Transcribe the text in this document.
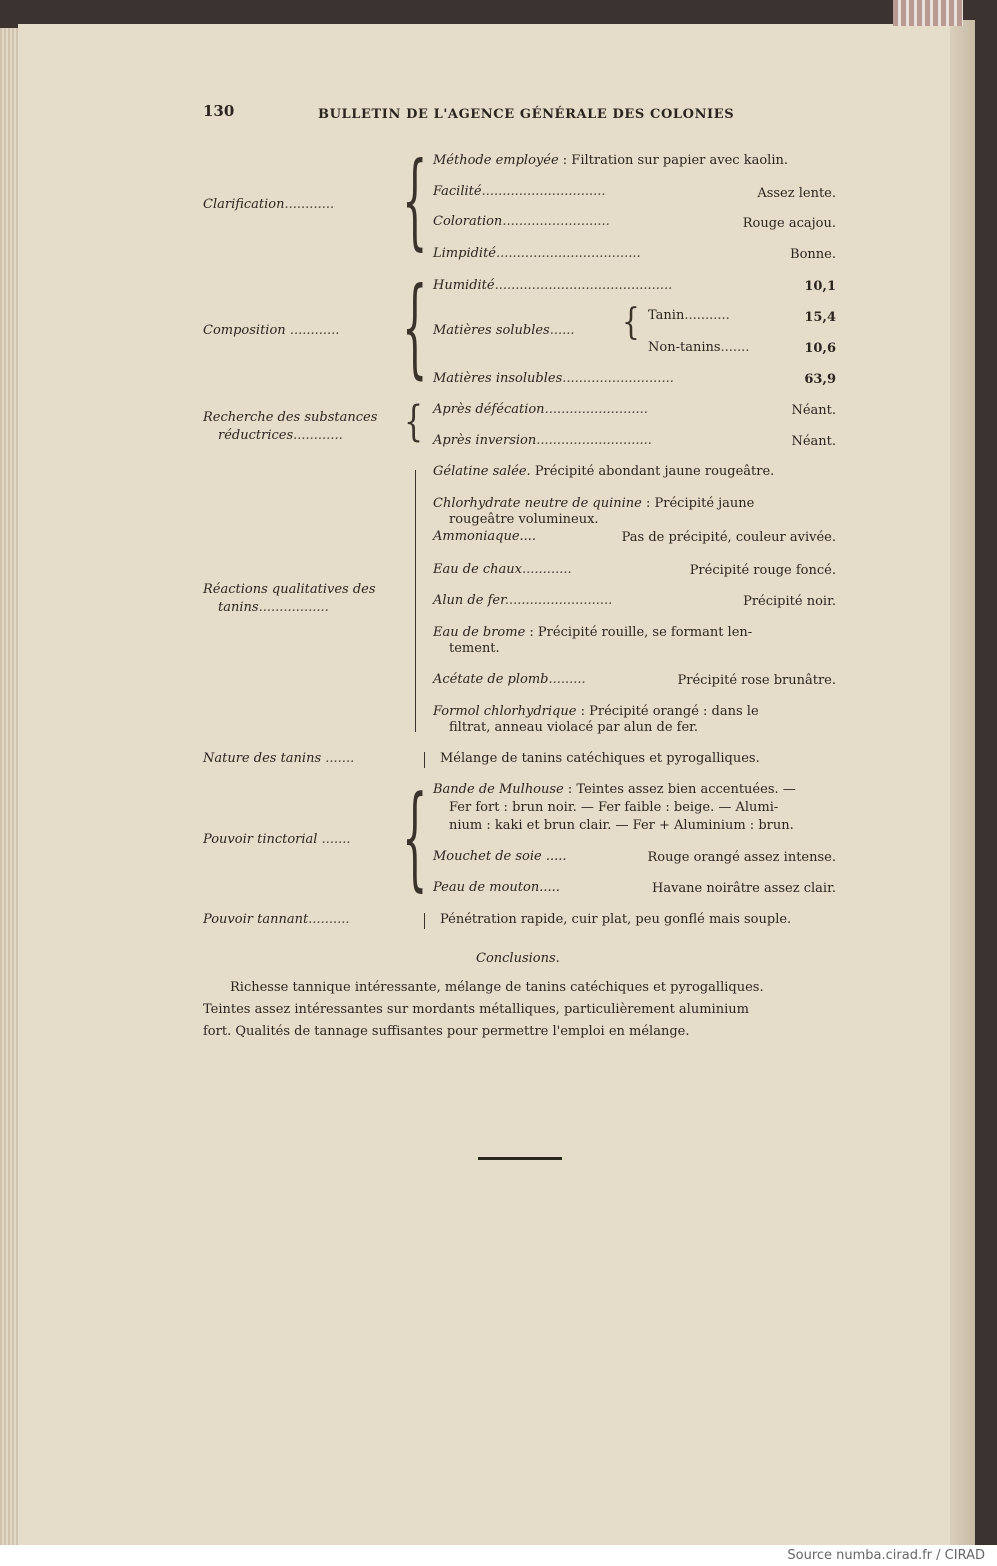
130	BULLETIN DE L'AGENCE GÉNÉRALE DES COLONIES
Clarification............ { Méthode employée : Filtration sur papier avec kaolin.
Facilité..............................	Assez lente.
Coloration..........................	Rouge acajou.
Limpidité...................................	Bonne.
Composition ............ { Humidité...........................................	10,1
Matières solubles...... { Tanin...........	15,4
Non-tanins.......	10,6
Matières insolubles...........................	63,9
Recherche des substances
réductrices............ { Après défécation.........................	Néant.
Après inversion............................	Néant.
Réactions qualitatives des
tanins.................
Gélatine salée. Précipité abondant jaune rougeâtre.
Chlorhydrate neutre de quinine : Précipité jaune
rougeâtre volumineux.
Ammoniaque....	Pas de précipité, couleur avivée.
Eau de chaux............	Précipité rouge foncé.
Alun de fer..........................	Précipité noir.
Eau de brome : Précipité rouille, se formant len-
tement.
Acétate de plomb.........	Précipité rose brunâtre.
Formol chlorhydrique : Précipité orangé : dans le
filtrat, anneau violacé par alun de fer.
Nature des tanins .......	Mélange de tanins catéchiques et pyrogalliques.
Pouvoir tinctorial ....... { Bande de Mulhouse : Teintes assez bien accentuées. —
Fer fort : brun noir. — Fer faible : beige. — Alumi-
nium : kaki et brun clair. — Fer + Aluminium : brun.
Mouchet de soie .....	Rouge orangé assez intense.
Peau de mouton.....	Havane noirâtre assez clair.
Pouvoir tannant..........	Pénétration rapide, cuir plat, peu gonflé mais souple.
Conclusions.
Richesse tannique intéressante, mélange de tanins catéchiques et pyrogalliques.
Teintes assez intéressantes sur mordants métalliques, particulièrement aluminium
fort. Qualités de tannage suffisantes pour permettre l'emploi en mélange.
Source numba.cirad.fr / CIRAD
